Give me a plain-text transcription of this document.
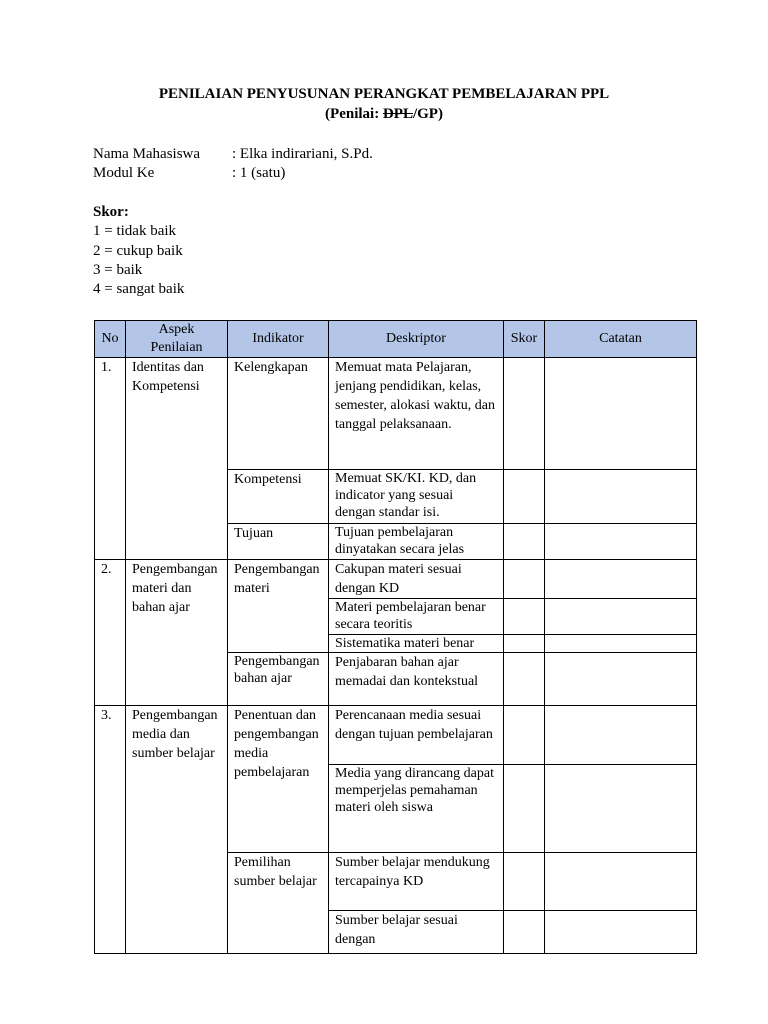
PENILAIAN PENYUSUNAN PERANGKAT PEMBELAJARAN PPL
(Penilai: DPL/GP)
Nama Mahasiswa	: Elka indirariani, S.Pd.
Modul Ke	: 1 (satu)
Skor:
1 = tidak baik
2 = cukup baik
3 = baik
4 = sangat baik
No	Aspek Penilaian	Indikator	Deskriptor	Skor	Catatan
1.	Identitas dan Kompetensi	Kelengkapan	Memuat mata Pelajaran, jenjang pendidikan, kelas, semester, alokasi waktu, dan tanggal pelaksanaan.		
		Kompetensi	Memuat SK/KI. KD, dan indicator yang sesuai dengan standar isi.		
		Tujuan	Tujuan pembelajaran dinyatakan secara jelas		
2.	Pengembangan materi dan bahan ajar	Pengembangan materi	Cakupan materi sesuai dengan KD		
			Materi pembelajaran benar secara teoritis		
			Sistematika materi benar		
		Pengembangan bahan ajar	Penjabaran bahan ajar memadai dan kontekstual		
3.	Pengembangan media dan sumber belajar	Penentuan dan pengembangan media pembelajaran	Perencanaan media sesuai dengan tujuan pembelajaran		
			Media yang dirancang dapat memperjelas pemahaman materi oleh siswa		
		Pemilihan sumber belajar	Sumber belajar mendukung tercapainya KD		
			Sumber belajar sesuai dengan		
